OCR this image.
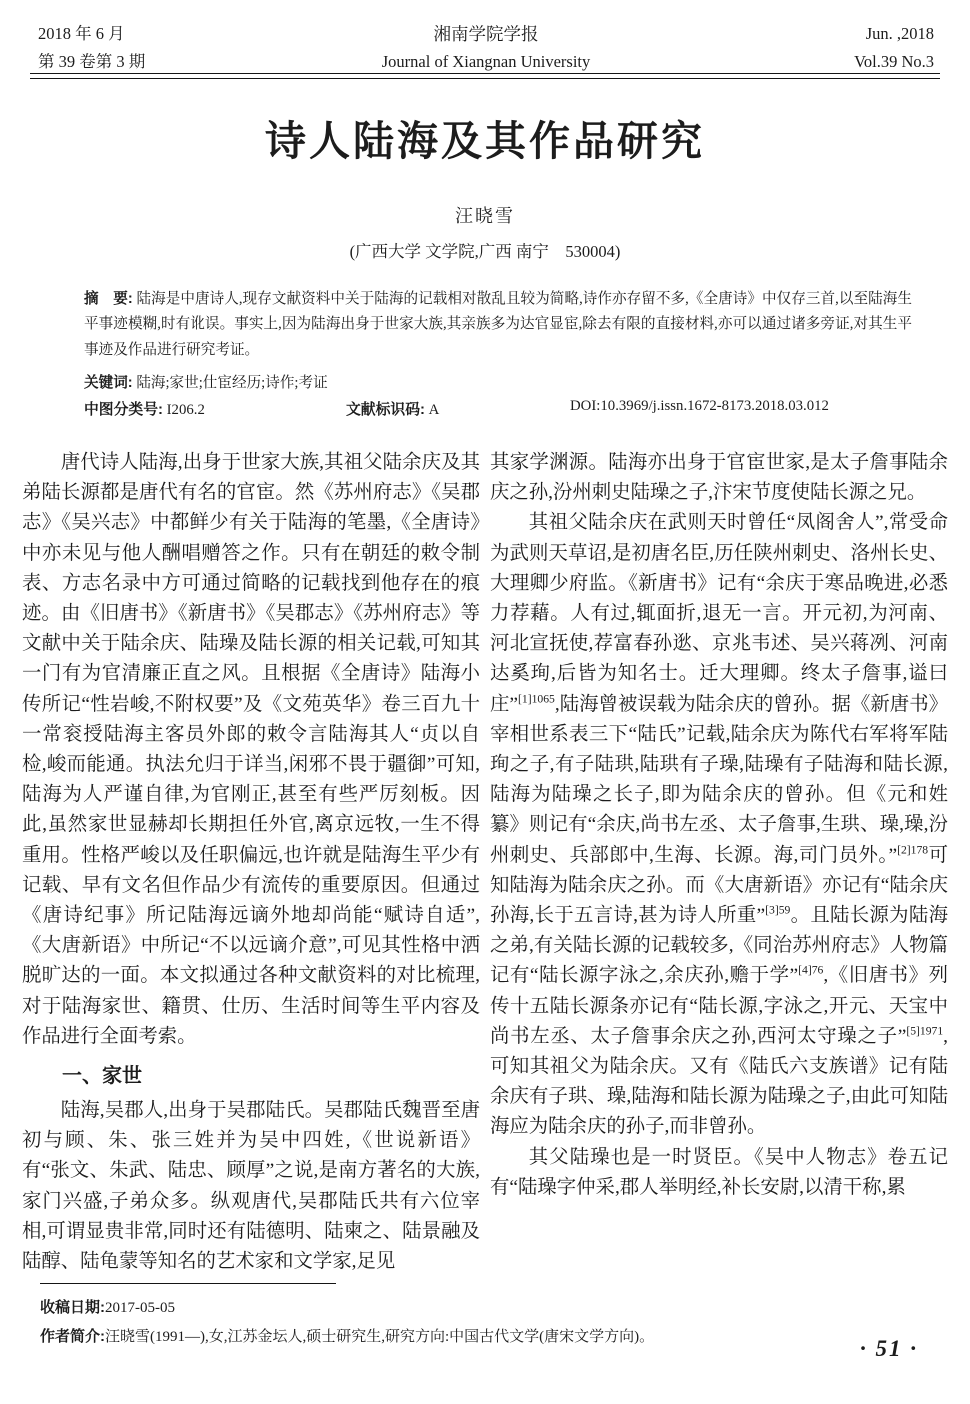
2018 年 6 月
第 39 卷第 3 期
湘南学院学报
Journal of Xiangnan University
Jun. ,2018
Vol.39 No.3
诗人陆海及其作品研究
汪晓雪
(广西大学 文学院,广西 南宁　530004)
摘　要: 陆海是中唐诗人,现存文献资料中关于陆海的记载相对散乱且较为简略,诗作亦存留不多,《全唐诗》中仅存三首,以至陆海生平事迹模糊,时有讹误。事实上,因为陆海出身于世家大族,其亲族多为达官显宦,除去有限的直接材料,亦可以通过诸多旁证,对其生平事迹及作品进行研究考证。
关键词: 陆海;家世;仕宦经历;诗作;考证
中图分类号: I206.2	文献标识码: A	DOI:10.3969/j.issn.1672-8173.2018.03.012

唐代诗人陆海,出身于世家大族,其祖父陆余庆及其弟陆长源都是唐代有名的官宦。然《苏州府志》《吴郡志》《吴兴志》中都鲜少有关于陆海的笔墨,《全唐诗》中亦未见与他人酬唱赠答之作。只有在朝廷的敕令制表、方志名录中方可通过简略的记载找到他存在的痕迹。由《旧唐书》《新唐书》《吴郡志》《苏州府志》等文献中关于陆余庆、陆璪及陆长源的相关记载,可知其一门有为官清廉正直之风。且根据《全唐诗》陆海小传所记“性岩峻,不附权要”及《文苑英华》卷三百九十一常衮授陆海主客员外郎的敕令言陆海其人“贞以自检,峻而能通。执法允归于详当,闲邪不畏于疆御”可知,陆海为人严谨自律,为官刚正,甚至有些严厉刻板。因此,虽然家世显赫却长期担任外官,离京远牧,一生不得重用。性格严峻以及任职偏远,也许就是陆海生平少有记载、早有文名但作品少有流传的重要原因。但通过《唐诗纪事》所记陆海远谪外地却尚能“赋诗自适”,《大唐新语》中所记“不以远谪介意”,可见其性格中洒脱旷达的一面。本文拟通过各种文献资料的对比梳理,对于陆海家世、籍贯、仕历、生活时间等生平内容及作品进行全面考索。

一、家世

陆海,吴郡人,出身于吴郡陆氏。吴郡陆氏魏晋至唐初与顾、朱、张三姓并为吴中四姓,《世说新语》有“张文、朱武、陆忠、顾厚”之说,是南方著名的大族,家门兴盛,子弟众多。纵观唐代,吴郡陆氏共有六位宰相,可谓显贵非常,同时还有陆德明、陆柬之、陆景融及陆醇、陆龟蒙等知名的艺术家和文学家,足见

其家学渊源。陆海亦出身于官宦世家,是太子詹事陆余庆之孙,汾州刺史陆璪之子,汴宋节度使陆长源之兄。

其祖父陆余庆在武则天时曾任“凤阁舍人”,常受命为武则天草诏,是初唐名臣,历任陕州刺史、洛州长史、大理卿少府监。《新唐书》记有“余庆于寒品晚进,必悉力荐藉。人有过,辄面折,退无一言。开元初,为河南、河北宣抚使,荐富春孙逖、京兆韦述、吴兴蒋冽、河南达奚珣,后皆为知名士。迁大理卿。终太子詹事,谥曰庄”$^{[1]1065}$,陆海曾被误载为陆余庆的曾孙。据《新唐书》宰相世系表三下“陆氏”记载,陆余庆为陈代右军将军陆珣之子,有子陆珙,陆珙有子璪,陆璪有子陆海和陆长源,陆海为陆璪之长子,即为陆余庆的曾孙。但《元和姓纂》则记有“余庆,尚书左丞、太子詹事,生珙、璪,璪,汾州刺史、兵部郎中,生海、长源。海,司门员外。”$^{[2]178}$可知陆海为陆余庆之孙。而《大唐新语》亦记有“陆余庆孙海,长于五言诗,甚为诗人所重”$^{[3]59}$。且陆长源为陆海之弟,有关陆长源的记载较多,《同治苏州府志》人物篇记有“陆长源字泳之,余庆孙,赡于学”$^{[4]76}$,《旧唐书》列传十五陆长源条亦记有“陆长源,字泳之,开元、天宝中尚书左丞、太子詹事余庆之孙,西河太守璪之子”$^{[5]1971}$,可知其祖父为陆余庆。又有《陆氏六支族谱》记有陆余庆有子珙、璪,陆海和陆长源为陆璪之子,由此可知陆海应为陆余庆的孙子,而非曾孙。

其父陆璪也是一时贤臣。《吴中人物志》卷五记有“陆璪字仲采,郡人举明经,补长安尉,以清干称,累

收稿日期:2017-05-05
作者简介:汪晓雪(1991—),女,江苏金坛人,硕士研究生,研究方向:中国古代文学(唐宋文学方向)。	· 51 ·
